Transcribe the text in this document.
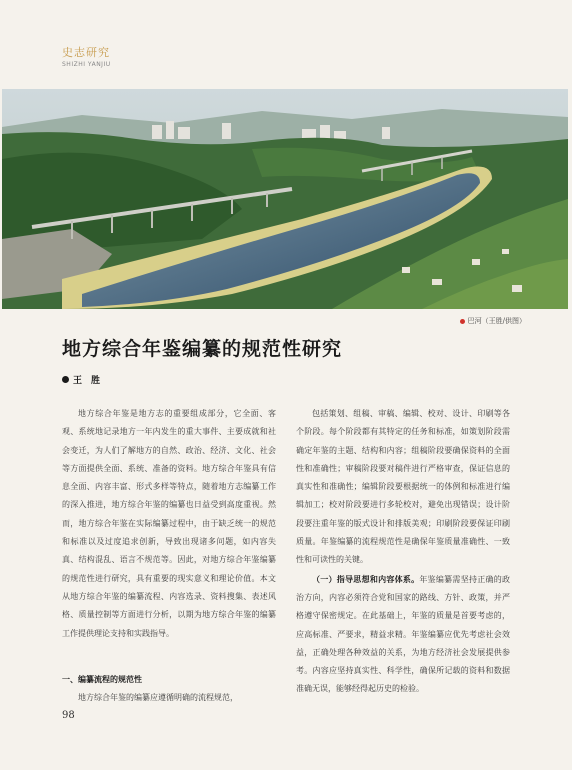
史志研究
SHIZHI YANJIU
巴河（王胜/供图）
地方综合年鉴编纂的规范性研究
王　胜

地方综合年鉴是地方志的重要组成部分，它全面、客观、系统地记录地方一年内发生的重大事件、主要成就和社会变迁，为人们了解地方的自然、政治、经济、文化、社会等方面提供全面、系统、准备的资料。地方综合年鉴具有信息全面、内容丰富、形式多样等特点，随着地方志编纂工作的深入推进，地方综合年鉴的编纂也日益受到高度重视。然而，地方综合年鉴在实际编纂过程中，由于缺乏统一的规范和标准以及过度追求创新，导致出现诸多问题，如内容失真、结构混乱、语言不规范等。因此，对地方综合年鉴编纂的规范性进行研究，具有重要的现实意义和理论价值。本文从地方综合年鉴的编纂流程、内容选录、资料搜集、表述风格、质量控制等方面进行分析，以期为地方综合年鉴的编纂工作提供理论支持和实践指导。

一、编纂流程的规范性

地方综合年鉴的编纂应遵循明确的流程规范，

包括策划、组稿、审稿、编辑、校对、设计、印刷等各个阶段。每个阶段都有其特定的任务和标准，如策划阶段需确定年鉴的主题、结构和内容；组稿阶段要确保资料的全面性和准确性；审稿阶段要对稿件进行严格审查，保证信息的真实性和准确性；编辑阶段要根据统一的体例和标准进行编辑加工；校对阶段要进行多轮校对，避免出现错误；设计阶段要注重年鉴的版式设计和排版美观；印刷阶段要保证印刷质量。年鉴编纂的流程规范性是确保年鉴质量准确性、一致性和可读性的关键。

（一）指导思想和内容体系。年鉴编纂需坚持正确的政治方向，内容必须符合党和国家的路线、方针、政策，并严格遵守保密规定。在此基础上，年鉴的质量是首要考虑的，应高标准、严要求，精益求精。年鉴编纂应优先考虑社会效益，正确处理各种效益的关系，为地方经济社会发展提供参考。内容应坚持真实性、科学性，确保所记载的资料和数据准确无误，能够经得起历史的检验。

98
